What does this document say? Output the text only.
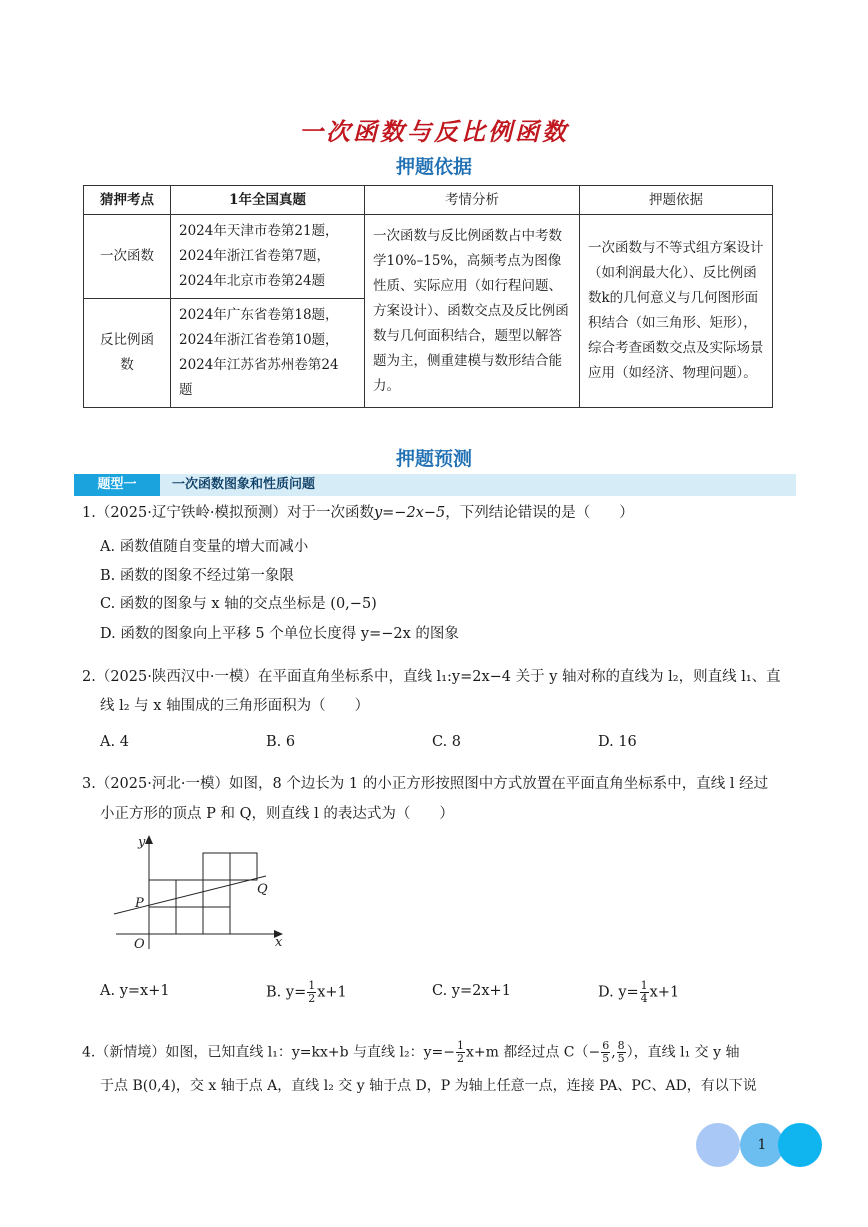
一次函数与反比例函数
押题依据
猜押考点	1年全国真题	考情分析	押题依据
一次函数	2024年天津市卷第21题，
2024年浙江省卷第7题，
2024年北京市卷第24题	一次函数与反比例函数占中考数学10%–15%，高频考点为图像性质、实际应用（如行程问题、方案设计）、函数交点及反比例函数与几何面积结合，题型以解答题为主，侧重建模与数形结合能力。	一次函数与不等式组方案设计（如利润最大化）、反比例函数k的几何意义与几何图形面积结合（如三角形、矩形），综合考查函数交点及实际场景应用（如经济、物理问题）。
反比例函数	2024年广东省卷第18题，
2024年浙江省卷第10题，
2024年江苏省苏州卷第24
题		
押题预测
题型一	一次函数图象和性质问题
1.（2025·辽宁铁岭·模拟预测）对于一次函数y=−2x−5，下列结论错误的是（　　）
A. 函数值随自变量的增大而减小
B. 函数的图象不经过第一象限
C. 函数的图象与 x 轴的交点坐标是 (0,−5)
D. 函数的图象向上平移 5 个单位长度得 y=−2x 的图象
2.（2025·陕西汉中·一模）在平面直角坐标系中，直线 l₁:y=2x−4 关于 y 轴对称的直线为 l₂，则直线 l₁、直
线 l₂ 与 x 轴围成的三角形面积为（　　）
A. 4	B. 6	C. 8	D. 16
3.（2025·河北·一模）如图，8 个边长为 1 的小正方形按照图中方式放置在平面直角坐标系中，直线 l 经过
小正方形的顶点 P 和 Q，则直线 l 的表达式为（　　）
y
x
O
P
Q
A. y=x+1	B. $y= \frac{1}{2} x+1$	C. y=2x+1	D. $y= \frac{1}{4} x+1$
4.（新情境）如图，已知直线 l₁：y=kx+b 与直线 l₂：$y=- \frac{1}{2} x+m$ 都经过点 $C(- \frac{6}{5}$ , $\frac{8}{5}$ ），直线 l₁ 交 y 轴
于点 B(0,4)，交 x 轴于点 A，直线 l₂ 交 y 轴于点 D，P 为轴上任意一点，连接 PA、PC、AD，有以下说
1
